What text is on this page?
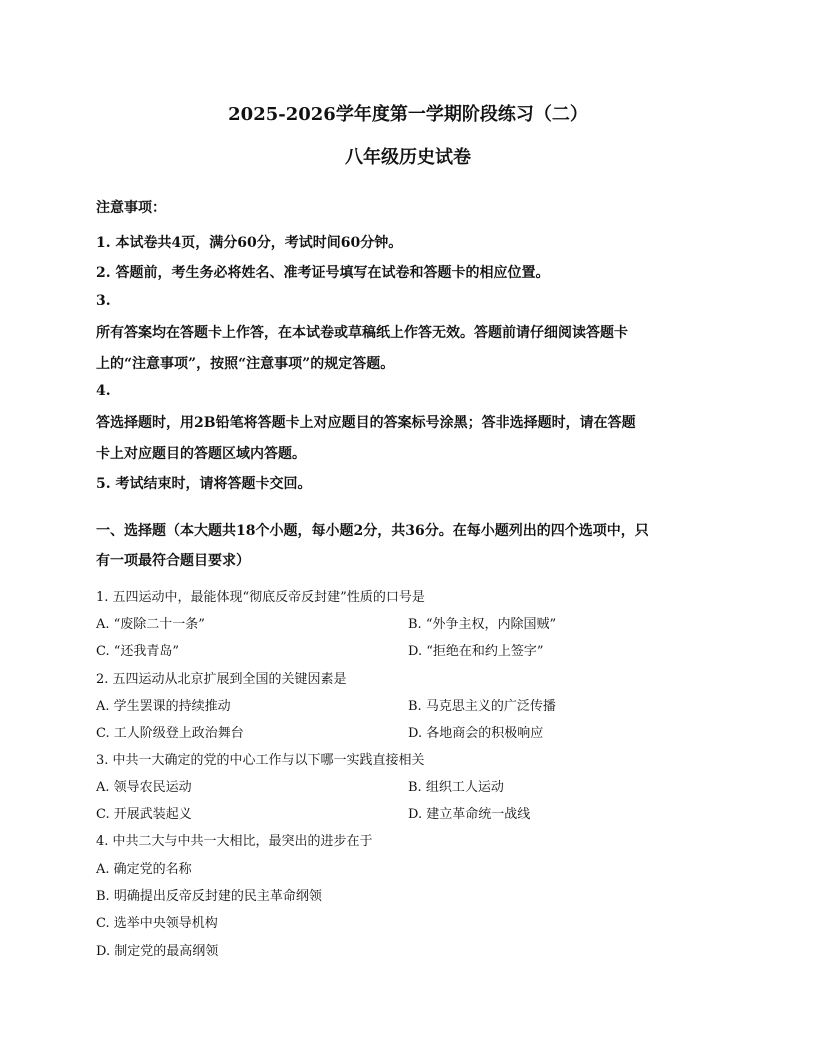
2025-2026学年度第一学期阶段练习（二）
八年级历史试卷
注意事项：
1. 本试卷共4页，满分60分，考试时间60分钟。
2. 答题前，考生务必将姓名、准考证号填写在试卷和答题卡的相应位置。
3.
所有答案均在答题卡上作答，在本试卷或草稿纸上作答无效。答题前请仔细阅读答题卡
上的“注意事项”，按照“注意事项”的规定答题。
4.
答选择题时，用2B铅笔将答题卡上对应题目的答案标号涂黑；答非选择题时，请在答题
卡上对应题目的答题区域内答题。
5. 考试结束时，请将答题卡交回。
一、选择题（本大题共18个小题，每小题2分，共36分。在每小题列出的四个选项中，只
有一项最符合题目要求）
1. 五四运动中，最能体现“彻底反帝反封建”性质的口号是
A. “废除二十一条”	B. “外争主权，内除国贼”
C. “还我青岛”	D. “拒绝在和约上签字”
2. 五四运动从北京扩展到全国的关键因素是
A. 学生罢课的持续推动	B. 马克思主义的广泛传播
C. 工人阶级登上政治舞台	D. 各地商会的积极响应
3. 中共一大确定的党的中心工作与以下哪一实践直接相关
A. 领导农民运动	B. 组织工人运动
C. 开展武装起义	D. 建立革命统一战线
4. 中共二大与中共一大相比，最突出的进步在于
A. 确定党的名称
B. 明确提出反帝反封建的民主革命纲领
C. 选举中央领导机构
D. 制定党的最高纲领
